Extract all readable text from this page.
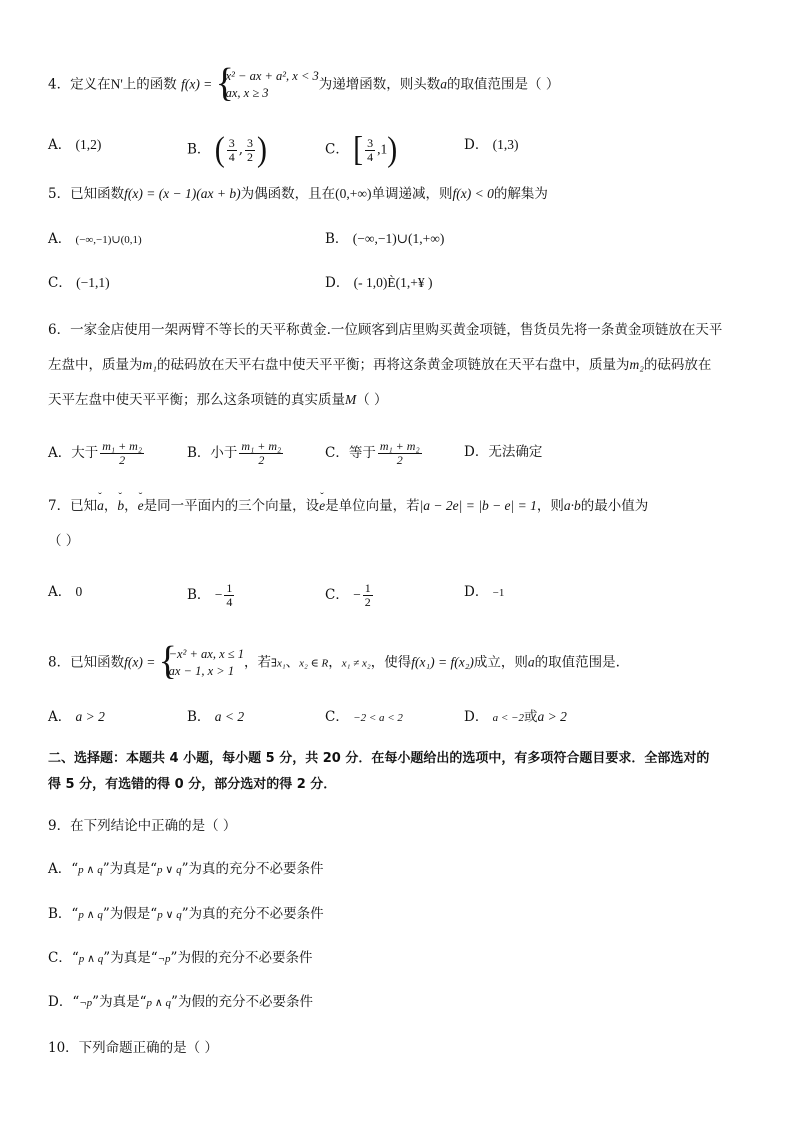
4．定义在N'上的函数 f(x) = {
x² − ax + a², x < 3
ax, x ≥ 3
为递增函数，则头数a的取值范围是（ ）
A． (1,2)	B． ( $\frac{3}{4}$ , $\frac{3}{2}$ )	C． [ $\frac{3}{4} ,1$)	D． (1,3)
5．已知函数f(x) = (x − 1)(ax + b)为偶函数，且在(0,+∞)单调递减，则f(x) < 0的解集为
A． (−∞,−1)∪(0,1)	B． (−∞,−1)∪(1,+∞)
C． (−1,1)	D． (- 1,0)È(1,+¥ )
6．一家金店使用一架两臂不等长的天平称黄金.一位顾客到店里购买黄金项链，售货员先将一条黄金项链放在天平
左盘中，质量为m₁的砝码放在天平右盘中使天平平衡；再将这条黄金项链放在天平右盘中，质量为m₂的砝码放在
天平左盘中使天平平衡；那么这条项链的真实质量M（ ）
A．大于 $\frac{\text{m₁ + m₂}}{2}$	B．小于 $\frac{\text{m₁ + m₂}}{2}$	C．等于 $\frac{\text{m₁ + m₂}}{2}$	D．无法确定
7．已知ˇ a，ˇ b，ˇ e是同一平面内的三个向量，设ˇ e是单位向量，若|a − 2e| = |b − e| = 1，则a·b的最小值为
（ ）
A． 0	B． − $\frac{1}{4}$	C． − $\frac{1}{2}$	D． −1
8．已知函数f(x) = {
−x² + ax, x ≤ 1
ax − 1, x > 1
，若∃x₁、x₂ ∈ R，x₁ ≠ x₂，使得f(x₁) = f(x₂)成立，则a的取值范围是.
A． a > 2	B． a < 2	C． −2 < a < 2	D． a < −2或a > 2
二、选择题：本题共 4 小题，每小题 5 分，共 20 分．在每小题给出的选项中，有多项符合题目要求．全部选对的
得 5 分，有选错的得 0 分，部分选对的得 2 分．
9．在下列结论中正确的是（ ）
A．“p ∧ q”为真是“p ∨ q”为真的充分不必要条件
B．“p ∧ q”为假是“p ∨ q”为真的充分不必要条件
C．“p ∧ q”为真是“¬p”为假的充分不必要条件
D．“¬p”为真是“p ∧ q”为假的充分不必要条件
10．下列命题正确的是（ ）
